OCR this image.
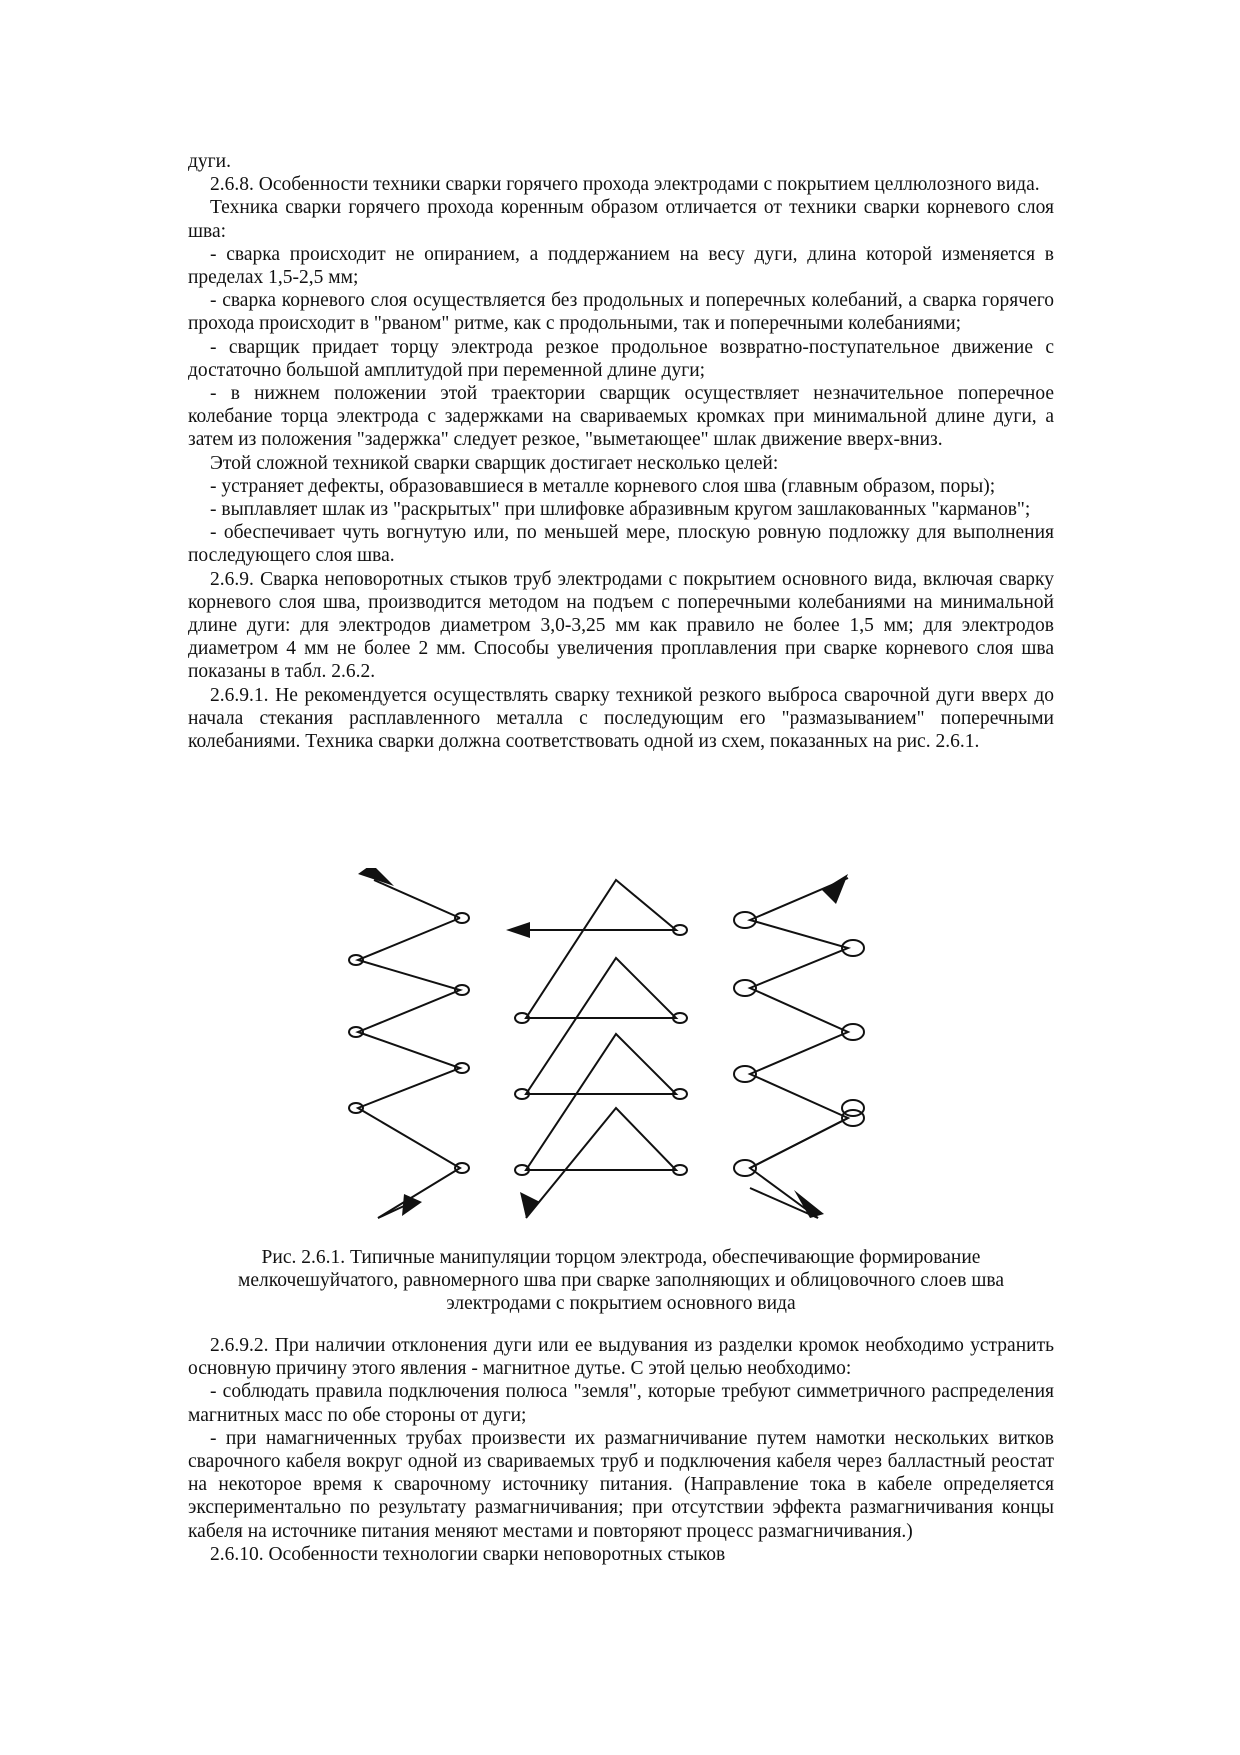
дуги.

2.6.8. Особенности техники сварки горячего прохода электродами с покрытием целлюлозного вида.

Техника сварки горячего прохода коренным образом отличается от техники сварки корневого слоя шва:

- сварка происходит не опиранием, а поддержанием на весу дуги, длина которой изменяется в пределах 1,5-2,5 мм;

- сварка корневого слоя осуществляется без продольных и поперечных колебаний, а сварка горячего прохода происходит в "рваном" ритме, как с продольными, так и поперечными колебаниями;

- сварщик придает торцу электрода резкое продольное возвратно-поступательное движение с достаточно большой амплитудой при переменной длине дуги;

- в нижнем положении этой траектории сварщик осуществляет незначительное поперечное колебание торца электрода с задержками на свариваемых кромках при минимальной длине дуги, а затем из положения "задержка" следует резкое, "выметающее" шлак движение вверх-вниз.

Этой сложной техникой сварки сварщик достигает несколько целей:

- устраняет дефекты, образовавшиеся в металле корневого слоя шва (главным образом, поры);

- выплавляет шлак из "раскрытых" при шлифовке абразивным кругом зашлакованных "карманов";

- обеспечивает чуть вогнутую или, по меньшей мере, плоскую ровную подложку для выполнения последующего слоя шва.

2.6.9. Сварка неповоротных стыков труб электродами с покрытием основного вида, включая сварку корневого слоя шва, производится методом на подъем с поперечными колебаниями на минимальной длине дуги: для электродов диаметром 3,0-3,25 мм как правило не более 1,5 мм; для электродов диаметром 4 мм не более 2 мм. Способы увеличения проплавления при сварке корневого слоя шва показаны в табл. 2.6.2.

2.6.9.1. Не рекомендуется осуществлять сварку техникой резкого выброса сварочной дуги вверх до начала стекания расплавленного металла с последующим его "размазыванием" поперечными колебаниями. Техника сварки должна соответствовать одной из схем, показанных на рис. 2.6.1.

Рис. 2.6.1. Типичные манипуляции торцом электрода, обеспечивающие формирование мелкочешуйчатого, равномерного шва при сварке заполняющих и облицовочного слоев шва электродами с покрытием основного вида

2.6.9.2. При наличии отклонения дуги или ее выдувания из разделки кромок необходимо устранить основную причину этого явления - магнитное дутье. С этой целью необходимо:

- соблюдать правила подключения полюса "земля", которые требуют симметричного распределения магнитных масс по обе стороны от дуги;

- при намагниченных трубах произвести их размагничивание путем намотки нескольких витков сварочного кабеля вокруг одной из свариваемых труб и подключения кабеля через балластный реостат на некоторое время к сварочному источнику питания. (Направление тока в кабеле определяется экспериментально по результату размагничивания; при отсутствии эффекта размагничивания концы кабеля на источнике питания меняют местами и повторяют процесс размагничивания.)

2.6.10. Особенности технологии сварки неповоротных стыков
